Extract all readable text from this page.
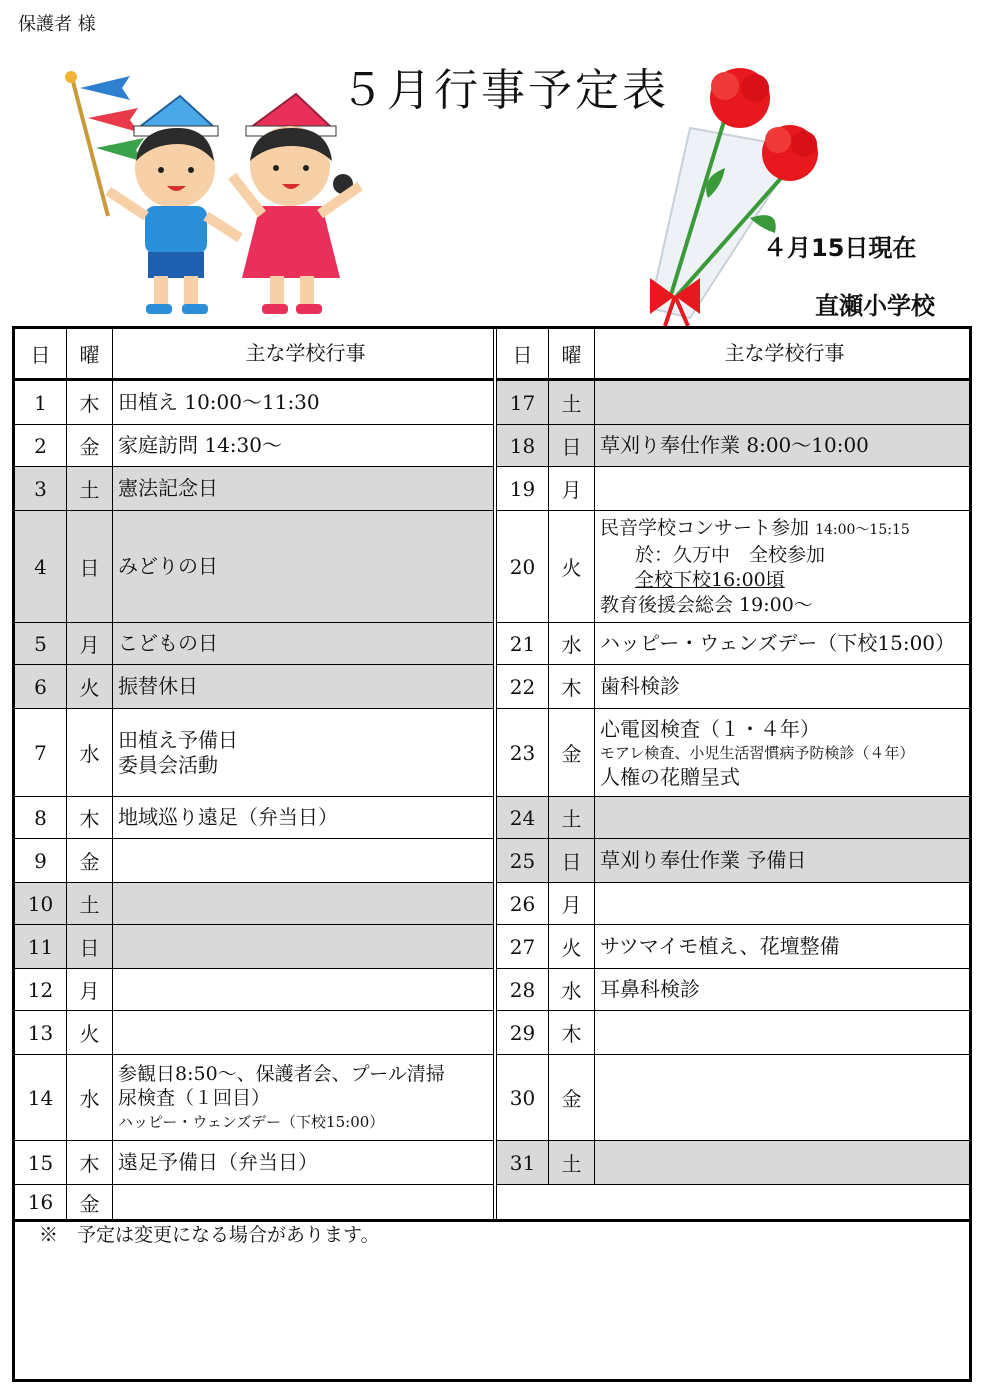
保護者 様
５月行事予定表
４月15日現在
直瀬小学校
日	曜	主な学校行事
1	木 田植え 10:00〜11:30
2	金 家庭訪問 14:30〜
3	土 憲法記念日
4	日 みどりの日
5	月 こどもの日
6	火 振替休日
7	水
田植え予備日
委員会活動
8	木 地域巡り遠足（弁当日）
9	金
10	土
11	日
12	月
13	火
14	水
参観日8:50〜、保護者会、プール清掃
尿検査（１回目）
ハッピー・ウェンズデー（下校15:00）
15	木 遠足予備日（弁当日）
16	金
日	曜	主な学校行事
17	土
18	日 草刈り奉仕作業 8:00〜10:00
19	月
20	火
民音学校コンサート参加 14:00〜15:15
於：久万中　全校参加
全校下校16:00頃
教育後援会総会 19:00〜
21	水 ハッピー・ウェンズデー（下校15:00）
22	木 歯科検診
23	金
心電図検査（１・４年）
モアレ検査、小児生活習慣病予防検診（４年）
人権の花贈呈式
24	土
25	日 草刈り奉仕作業 予備日
26	月
27	火 サツマイモ植え、花壇整備
28	水 耳鼻科検診
29	木
30	金
31	土
※　予定は変更になる場合があります。
